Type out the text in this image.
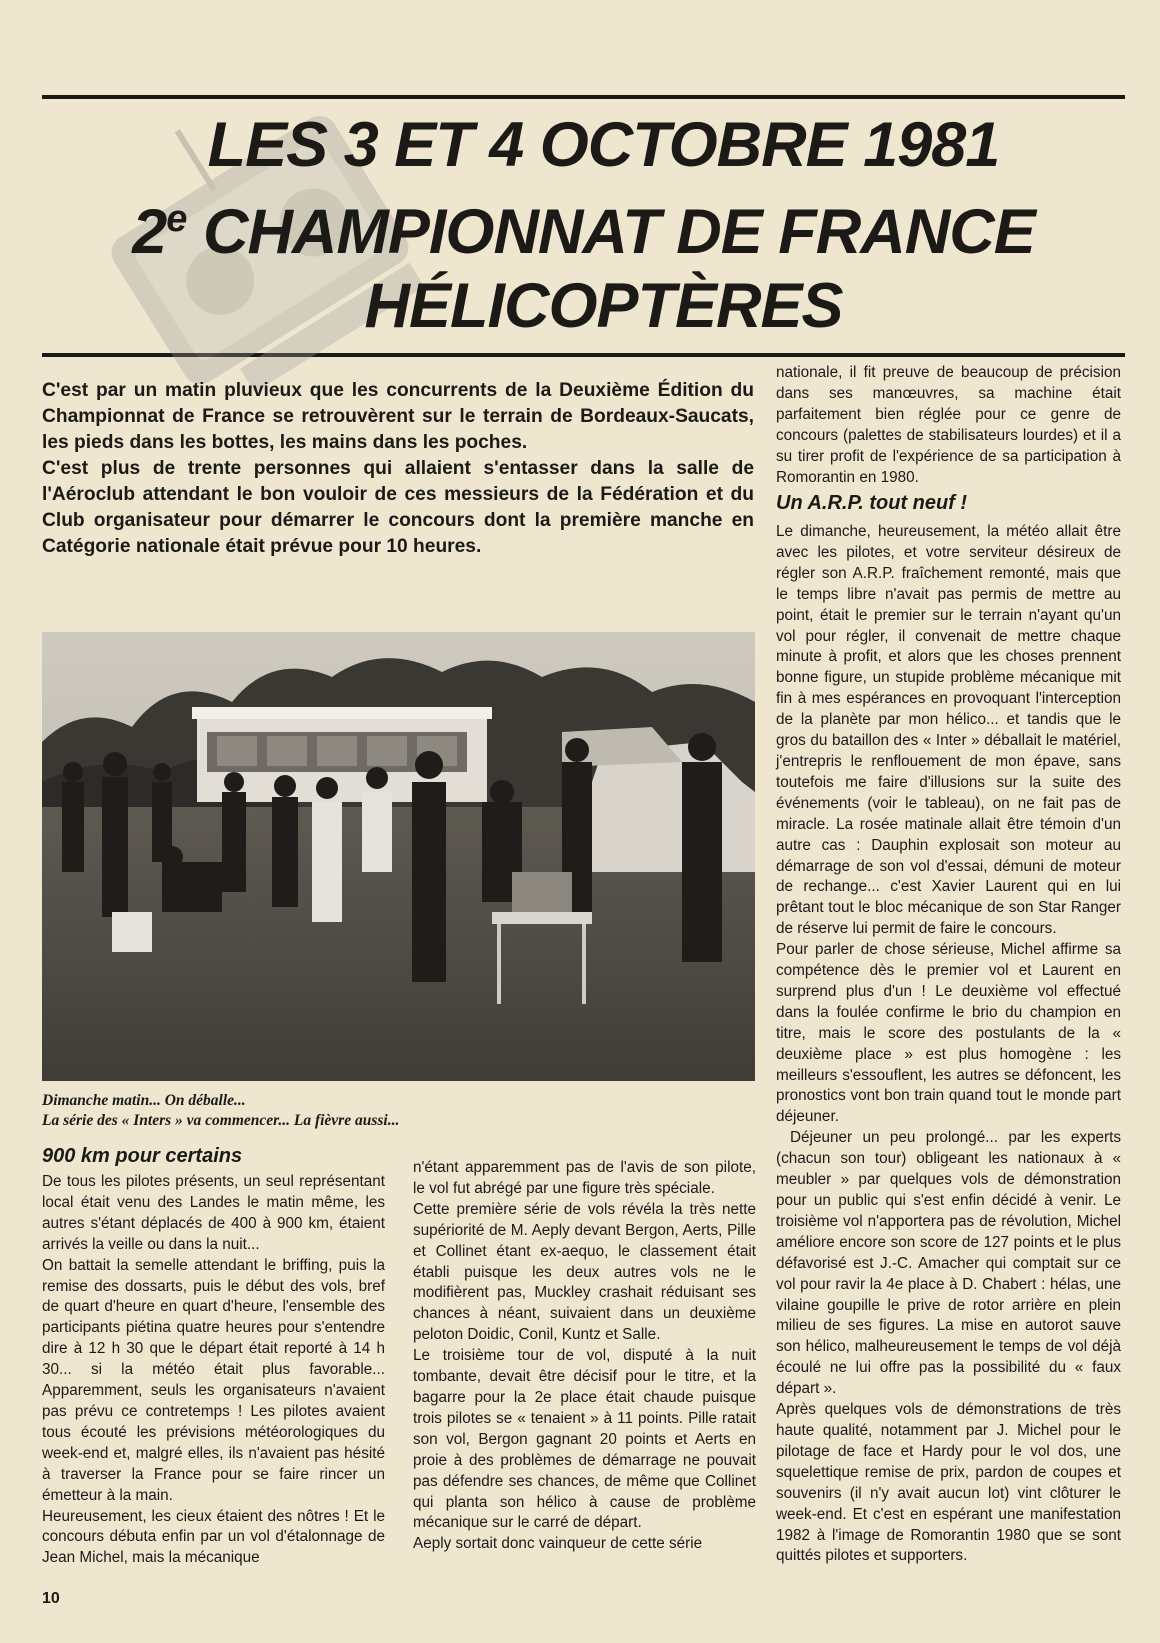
LES 3 ET 4 OCTOBRE 1981
2e CHAMPIONNAT DE FRANCE
HÉLICOPTÈRES

C'est par un matin pluvieux que les concurrents de la Deuxième Édition du Championnat de France se retrouvèrent sur le terrain de Bordeaux-Saucats, les pieds dans les bottes, les mains dans les poches.

C'est plus de trente personnes qui allaient s'entasser dans la salle de l'Aéroclub attendant le bon vouloir de ces messieurs de la Fédération et du Club organisateur pour démarrer le concours dont la première manche en Catégorie nationale était prévue pour 10 heures.

Dimanche matin... On déballe...
La série des « Inters » va commencer... La fièvre aussi...
900 km pour certains

De tous les pilotes présents, un seul représentant local était venu des Landes le matin même, les autres s'étant déplacés de 400 à 900 km, étaient arrivés la veille ou dans la nuit...

On battait la semelle attendant le briffing, puis la remise des dossarts, puis le début des vols, bref de quart d'heure en quart d'heure, l'ensemble des participants piétina quatre heures pour s'entendre dire à 12 h 30 que le départ était reporté à 14 h 30... si la météo était plus favorable... Apparemment, seuls les organisateurs n'avaient pas prévu ce contretemps ! Les pilotes avaient tous écouté les prévisions météorologiques du week-end et, malgré elles, ils n'avaient pas hésité à traverser la France pour se faire rincer un émetteur à la main.

Heureusement, les cieux étaient des nôtres ! Et le concours débuta enfin par un vol d'étalonnage de Jean Michel, mais la mécanique

n'étant apparemment pas de l'avis de son pilote, le vol fut abrégé par une figure très spéciale.

Cette première série de vols révéla la très nette supériorité de M. Aeply devant Bergon, Aerts, Pille et Collinet étant ex-aequo, le classement était établi puisque les deux autres vols ne le modifièrent pas, Muckley crashait réduisant ses chances à néant, suivaient dans un deuxième peloton Doidic, Conil, Kuntz et Salle.

Le troisième tour de vol, disputé à la nuit tombante, devait être décisif pour le titre, et la bagarre pour la 2e place était chaude puisque trois pilotes se « tenaient » à 11 points. Pille ratait son vol, Bergon gagnant 20 points et Aerts en proie à des problèmes de démarrage ne pouvait pas défendre ses chances, de même que Collinet qui planta son hélico à cause de problème mécanique sur le carré de départ.

Aeply sortait donc vainqueur de cette série

nationale, il fit preuve de beaucoup de précision dans ses manœuvres, sa machine était parfaitement bien réglée pour ce genre de concours (palettes de stabilisateurs lourdes) et il a su tirer profit de l'expérience de sa participation à Romorantin en 1980.

Un A.R.P. tout neuf !

Le dimanche, heureusement, la météo allait être avec les pilotes, et votre serviteur désireux de régler son A.R.P. fraîchement remonté, mais que le temps libre n'avait pas permis de mettre au point, était le premier sur le terrain n'ayant qu'un vol pour régler, il convenait de mettre chaque minute à profit, et alors que les choses prennent bonne figure, un stupide problème mécanique mit fin à mes espérances en provoquant l'interception de la planète par mon hélico... et tandis que le gros du bataillon des « Inter » déballait le matériel, j'entrepris le renflouement de mon épave, sans toutefois me faire d'illusions sur la suite des événements (voir le tableau), on ne fait pas de miracle. La rosée matinale allait être témoin d'un autre cas : Dauphin explosait son moteur au démarrage de son vol d'essai, démuni de moteur de rechange... c'est Xavier Laurent qui en lui prêtant tout le bloc mécanique de son Star Ranger de réserve lui permit de faire le concours.

Pour parler de chose sérieuse, Michel affirme sa compétence dès le premier vol et Laurent en surprend plus d'un ! Le deuxième vol effectué dans la foulée confirme le brio du champion en titre, mais le score des postulants de la « deuxième place » est plus homogène : les meilleurs s'essouflent, les autres se défoncent, les pronostics vont bon train quand tout le monde part déjeuner.

Déjeuner un peu prolongé... par les experts (chacun son tour) obligeant les nationaux à « meubler » par quelques vols de démonstration pour un public qui s'est enfin décidé à venir. Le troisième vol n'apportera pas de révolution, Michel améliore encore son score de 127 points et le plus défavorisé est J.-C. Amacher qui comptait sur ce vol pour ravir la 4e place à D. Chabert : hélas, une vilaine goupille le prive de rotor arrière en plein milieu de ses figures. La mise en autorot sauve son hélico, malheureusement le temps de vol déjà écoulé ne lui offre pas la possibilité du « faux départ ».

Après quelques vols de démonstrations de très haute qualité, notamment par J. Michel pour le pilotage de face et Hardy pour le vol dos, une squelettique remise de prix, pardon de coupes et souvenirs (il n'y avait aucun lot) vint clôturer le week-end. Et c'est en espérant une manifestation 1982 à l'image de Romorantin 1980 que se sont quittés pilotes et supporters.

10
